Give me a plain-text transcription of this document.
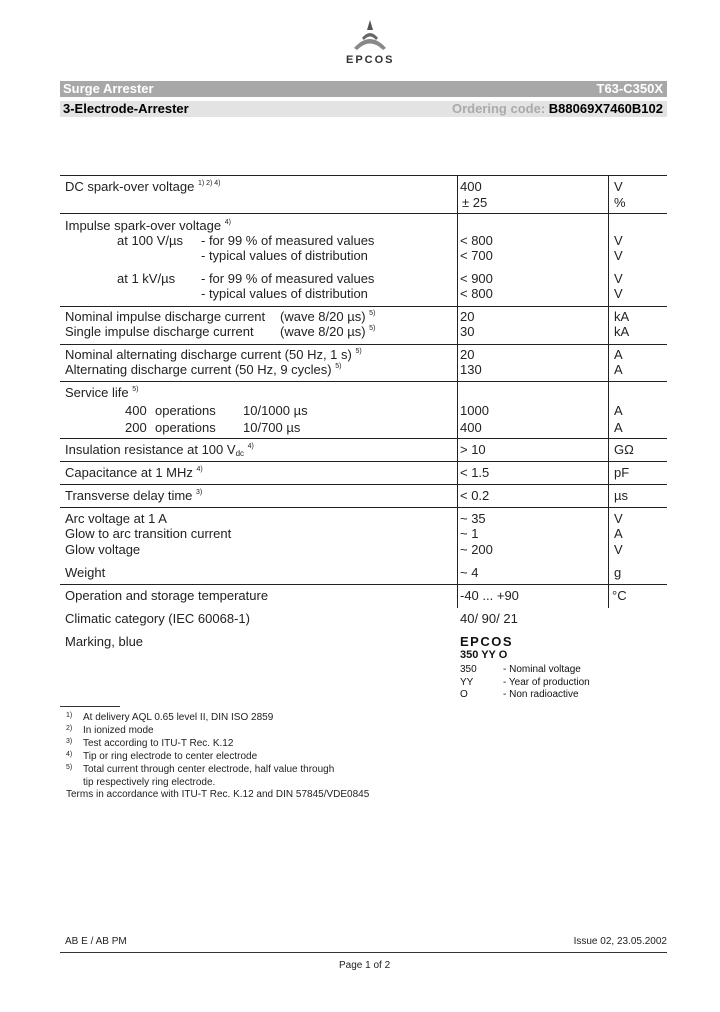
EPCOS
Surge Arrester	T63-C350X
3-Electrode-Arrester	Ordering code: B88069X7460B102
DC spark-over voltage $^{1) 2) 4)}$	400	V
± 25	%
Impulse spark-over voltage $^{4)}$
at 100 V/µs - for 99 % of measured values	< 800	V
- typical values of distribution	< 700	V
at 1 kV/µs - for 99 % of measured values	< 900	V
- typical values of distribution	< 800	V
Nominal impulse discharge current (wave 8/20 µs) $^{5)}$	20	kA
Single impulse discharge current (wave 8/20 µs) $^{5)}$	30	kA
Nominal alternating discharge current (50 Hz, 1 s) $^{5)}$	20	A
Alternating discharge current (50 Hz, 9 cycles) $^{5)}$	130	A
Service life $^{5)}$
400 operations 10/1000 µs	1000	A
200 operations 10/700 µs	400	A
Insulation resistance at 100 $V_{dc}$ $^{4)}$	> 10	GΩ
Capacitance at 1 MHz $^{4)}$	< 1.5	pF
Transverse delay time $^{3)}$	< 0.2	µs
Arc voltage at 1 A	~ 35	V
Glow to arc transition current	~ 1	A
Glow voltage	~ 200	V
Weight	~ 4	g
Operation and storage temperature	-40 ... +90	°C
Climatic category (IEC 60068-1)	40/ 90/ 21
Marking, blue	EPCOS
350 YY O
350	- Nominal voltage
YY	- Year of production
O	- Non radioactive
1) At delivery AQL 0.65 level II, DIN ISO 2859
2) In ionized mode
3) Test according to ITU-T Rec. K.12
4) Tip or ring electrode to center electrode
5) Total current through center electrode, half value through
tip respectively ring electrode.
Terms in accordance with ITU-T Rec. K.12 and DIN 57845/VDE0845
AB E / AB PM	Issue 02, 23.05.2002
Page 1 of 2
